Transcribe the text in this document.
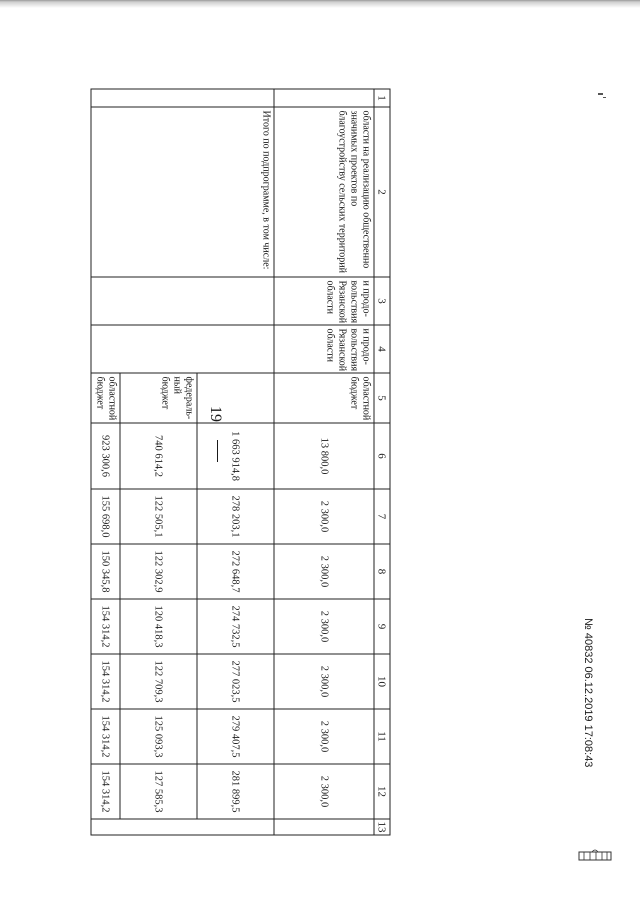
19
1	2	3	4	5	6	7	8	9	10	11	12	13
	области на реализацию общественно значимых проектов по благоустройству сельских территорий	и продо- вольствия Рязанской области	и продо- вольствия Рязанской области	областной бюджет	13 800,0	2 300,0	2 300,0	2 300,0	2 300,0	2 300,0	2 300,0	
	Итого по подпрограмме, в том числе:				1 663 914,8	278 203,1	272 648,7	274 732,5	277 023,5	279 407,5	281 899,5	
				федераль- ный бюджет	740 614,2	122 505,1	122 302,9	120 418,3	122 709,3	125 093,3	127 585,3	
				областной бюджет	923 300,6	155 698,0	150 345,8	154 314,2	154 314,2	154 314,2	154 314,2	
№ 40832 06.12.2019 17:08:43
